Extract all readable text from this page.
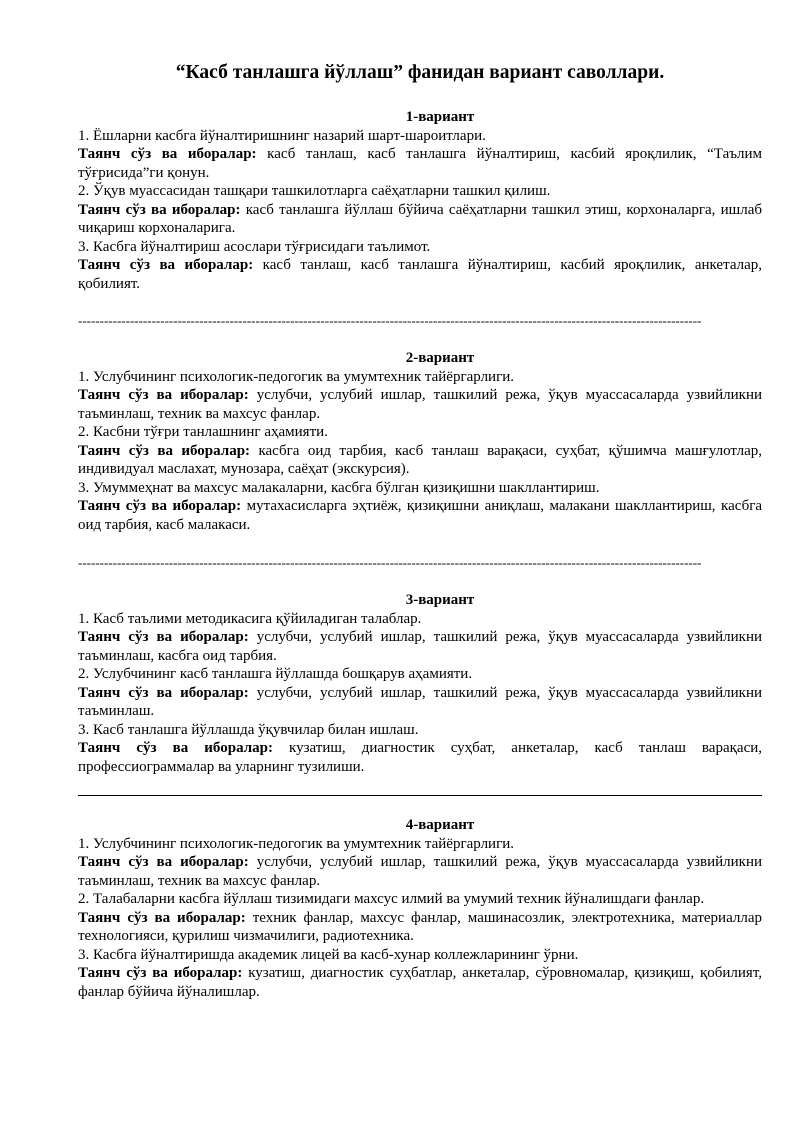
“Касб танлашга йўллаш” фанидан вариант саволлари.

1-вариант

1. Ёшларни касбга йўналтиришнинг назарий шарт-шароитлари.

Таянч сўз ва иборалар: касб танлаш, касб танлашга йўналтириш, касбий яроқлилик, “Таълим тўғрисида”ги қонун.

2. Ўқув муассасидан ташқари ташкилотларга саёҳатларни ташкил қилиш.

Таянч сўз ва иборалар: касб танлашга йўллаш бўйича саёҳатларни ташкил этиш, корхоналарга, ишлаб чиқариш корхоналарига.

3. Касбга йўналтириш асослари тўғрисидаги таълимот.

Таянч сўз ва иборалар: касб танлаш, касб танлашга йўналтириш, касбий яроқлилик, анкеталар, қобилият.

------------------------------------------------------------------------------------------------------------------------------------------------

2-вариант

1. Услубчининг психологик-педогогик ва умумтехник тайёргарлиги.

Таянч сўз ва иборалар: услубчи, услубий ишлар, ташкилий режа, ўқув муассасаларда узвийликни таъминлаш, техник ва махсус фанлар.

2. Касбни тўғри танлашнинг аҳамияти.

Таянч сўз ва иборалар: касбга оид тарбия, касб танлаш варақаси, суҳбат, қўшимча машғулотлар, индивидуал маслахат, мунозара, саёҳат (экскурсия).

3. Умуммеҳнат ва махсус малакаларни, касбга бўлган қизиқишни шакллантириш.

Таянч сўз ва иборалар: мутахасисларга эҳтиёж, қизиқишни аниқлаш, малакани шакллантириш, касбга оид тарбия, касб малакаси.

------------------------------------------------------------------------------------------------------------------------------------------------

3-вариант

1. Касб таълими методикасига қўйиладиган талаблар.

Таянч сўз ва иборалар: услубчи, услубий ишлар, ташкилий режа, ўқув муассасаларда узвийликни таъминлаш, касбга оид тарбия.

2. Услубчининг касб танлашга йўллашда бошқарув аҳамияти.

Таянч сўз ва иборалар: услубчи, услубий ишлар, ташкилий режа, ўқув муассасаларда узвийликни таъминлаш.

3. Касб танлашга йўллашда ўқувчилар билан ишлаш.

Таянч сўз ва иборалар: кузатиш, диагностик суҳбат, анкеталар, касб танлаш варақаси, профессиограммалар ва уларнинг тузилиши.

4-вариант

1. Услубчининг психологик-педогогик ва умумтехник тайёргарлиги.

Таянч сўз ва иборалар: услубчи, услубий ишлар, ташкилий режа, ўқув муассасаларда узвийликни таъминлаш, техник ва махсус фанлар.

2. Талабаларни касбга йўллаш тизимидаги махсус илмий ва умумий техник йўналишдаги фанлар.

Таянч сўз ва иборалар: техник фанлар, махсус фанлар, машинасозлик, электротехника, материаллар технологияси, қурилиш чизмачилиги, радиотехника.

3. Касбга йўналтиришда академик лицей ва касб-хунар коллежларининг ўрни.

Таянч сўз ва иборалар: кузатиш, диагностик суҳбатлар, анкеталар, сўровномалар, қизиқиш, қобилият, фанлар бўйича йўналишлар.
